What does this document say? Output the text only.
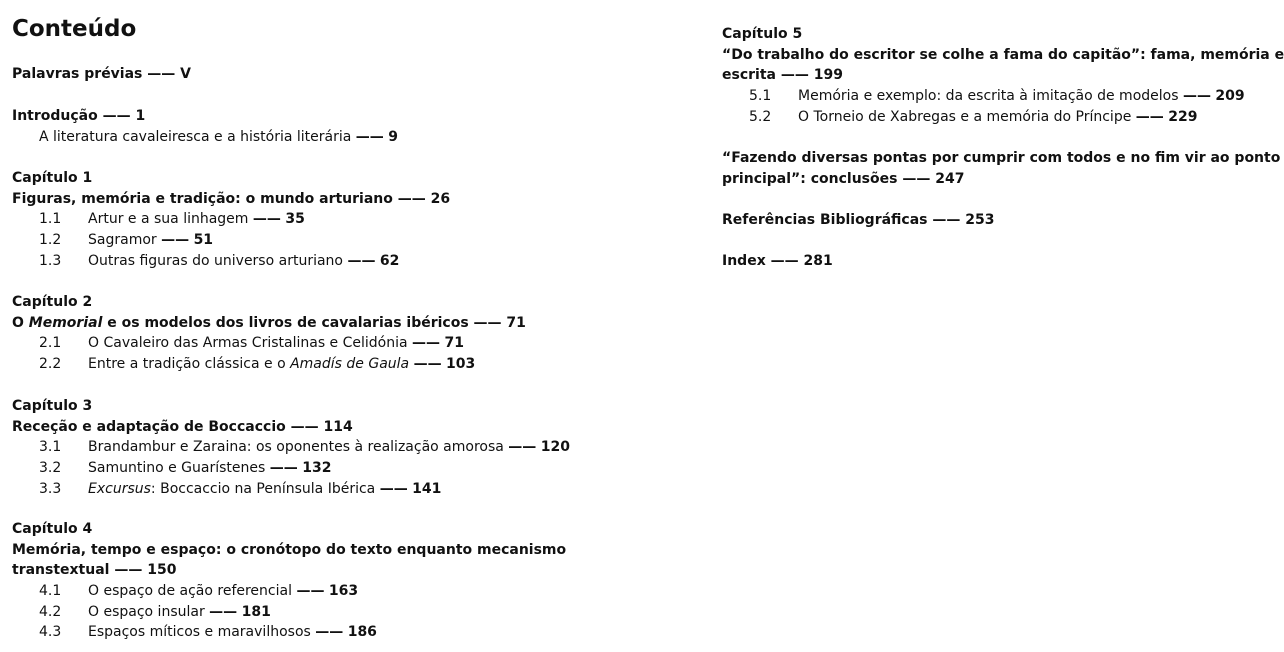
Conteúdo
Palavras prévias —— V
Introdução —— 1
A literatura cavaleiresca e a história literária —— 9
Capítulo 1
Figuras, memória e tradição: o mundo arturiano —— 26
1.1 Artur e a sua linhagem —— 35
1.2 Sagramor —— 51
1.3 Outras figuras do universo arturiano —— 62
Capítulo 2
O Memorial e os modelos dos livros de cavalarias ibéricos —— 71
2.1 O Cavaleiro das Armas Cristalinas e Celidónia —— 71
2.2 Entre a tradição clássica e o Amadís de Gaula —— 103
Capítulo 3
Receção e adaptação de Boccaccio —— 114
3.1 Brandambur e Zaraina: os oponentes à realização amorosa —— 120
3.2 Samuntino e Guarístenes —— 132
3.3 Excursus: Boccaccio na Península Ibérica —— 141
Capítulo 4
Memória, tempo e espaço: o cronótopo do texto enquanto mecanismo
transtextual —— 150
4.1 O espaço de ação referencial —— 163
4.2 O espaço insular —— 181
4.3 Espaços míticos e maravilhosos —— 186
Capítulo 5
“Do trabalho do escritor se colhe a fama do capitão”: fama, memória e
escrita —— 199
5.1 Memória e exemplo: da escrita à imitação de modelos —— 209
5.2 O Torneio de Xabregas e a memória do Príncipe —— 229
“Fazendo diversas pontas por cumprir com todos e no fim vir ao ponto
principal”: conclusões —— 247
Referências Bibliográficas —— 253
Index —— 281
